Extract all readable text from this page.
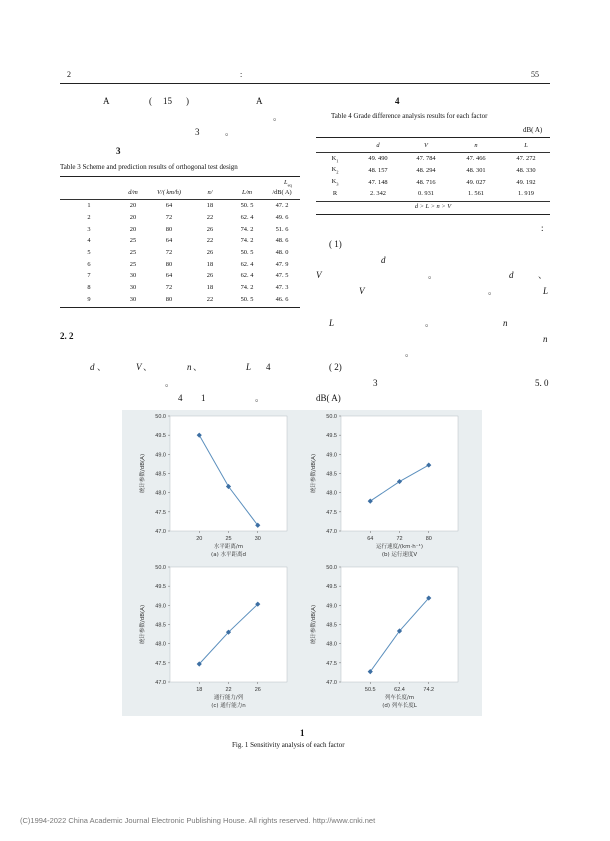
2	:	55
A	( 15 )	A
。
3	。
3
Table 3 Scheme and prediction results of orthogonal test design
$L_{eq}$
	d/m	V/( km/h)	n/	L/m	/dB( A)
1	20	64	18	50. 5	47. 2
2	20	72	22	62. 4	49. 6
3	20	80	26	74. 2	51. 6
4	25	64	22	74. 2	48. 6
5	25	72	26	50. 5	48. 0
6	25	80	18	62. 4	47. 9
7	30	64	26	62. 4	47. 5
8	30	72	18	74. 2	47. 3
9	30	80	22	50. 5	46. 6
2. 2
d 、	V 、	n 、	L 4
。
4 1	。
4
Table 4 Grade difference analysis results for each factor
dB( A)
	d	V	n	L
$K_1$	49. 490	47. 784	47. 466	47. 272
$K_2$	48. 157	48. 294	48. 301	48. 330
$K_3$	47. 148	48. 716	49. 027	49. 192
R	2. 342	0. 931	1. 561	1. 919
d > L > n > V
:
( 1)
d
V	。	d	、
V	。	L
L	。	n
n
。
( 2)
3	5. 0
dB( A)
47.0
47.5
48.0
48.5
49.0
49.5
50.0
20	25	30
统计参数/dB(A)
水平距离/m
(a) 水平距离d
47.0
47.5
48.0
48.5
49.0
49.5
50.0
64	72	80
统计参数/dB(A)
运行速度/(km·h⁻¹)
(b) 运行速度V
47.0
47.5
48.0
48.5
49.0
49.5
50.0
18	22	26
统计参数/dB(A)
通行能力/列
(c) 通行能力n
47.0
47.5
48.0
48.5
49.0
49.5
50.0
50.5	62.4	74.2
统计参数/dB(A)
列车长度/m
(d) 列车长度L
1
Fig. 1 Sensitivity analysis of each factor
(C)1994-2022 China Academic Journal Electronic Publishing House. All rights reserved. http://www.cnki.net
